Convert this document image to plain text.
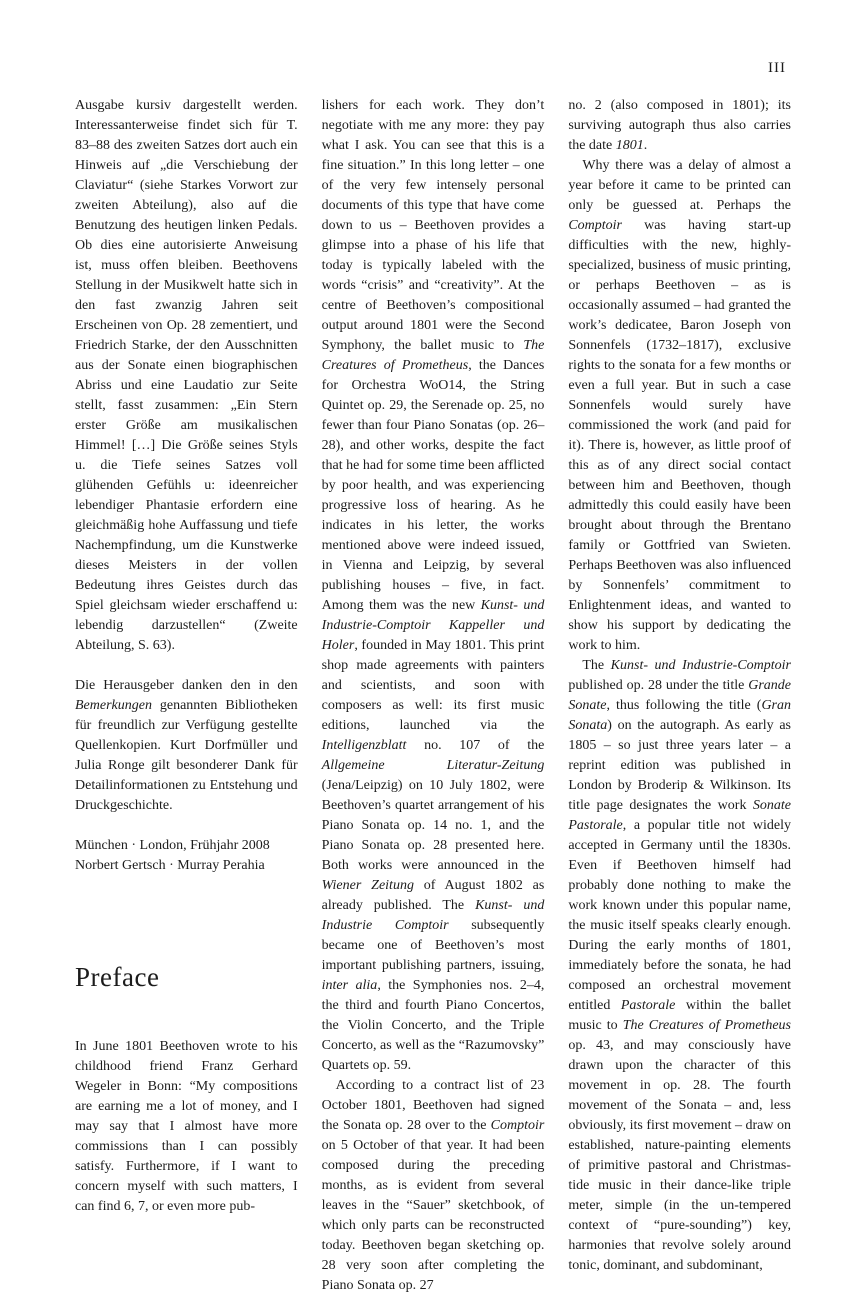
III

Ausgabe kursiv dargestellt werden. Interessanterweise findet sich für T. 83–88 des zweiten Satzes dort auch ein Hinweis auf „die Verschiebung der Claviatur“ (siehe Starkes Vorwort zur zweiten Abteilung), also auf die Benutzung des heutigen linken Pedals. Ob dies eine autorisierte Anweisung ist, muss offen bleiben. Beethovens Stellung in der Musikwelt hatte sich in den fast zwanzig Jahren seit Erscheinen von Op. 28 zementiert, und Friedrich Starke, der den Ausschnitten aus der Sonate einen biographischen Abriss und eine Laudatio zur Seite stellt, fasst zusammen: „Ein Stern erster Größe am musikalischen Himmel! […] Die Größe seines Styls u. die Tiefe seines Satzes voll glühenden Gefühls u: ideenreicher lebendiger Phantasie erfordern eine gleichmäßig hohe Auffassung und tiefe Nachempfindung, um die Kunstwerke dieses Meisters in der vollen Bedeutung ihres Geistes durch das Spiel gleichsam wieder erschaffend u: lebendig darzustellen“ (Zweite Abteilung, S. 63).

Die Herausgeber danken den in den Bemerkungen genannten Bibliotheken für freundlich zur Verfügung gestellte Quellenkopien. Kurt Dorfmüller und Julia Ronge gilt besonderer Dank für Detailinformationen zu Entstehung und Druckgeschichte.

München · London, Frühjahr 2008

Norbert Gertsch · Murray Perahia

Preface

In June 1801 Beethoven wrote to his childhood friend Franz Gerhard Wegeler in Bonn: “My compositions are earning me a lot of money, and I may say that I almost have more commissions than I can possibly satisfy. Furthermore, if I want to concern myself with such matters, I can find 6, 7, or even more pub-

lishers for each work. They don’t negotiate with me any more: they pay what I ask. You can see that this is a fine situation.” In this long letter – one of the very few intensely personal documents of this type that have come down to us – Beethoven provides a glimpse into a phase of his life that today is typically labeled with the words “crisis” and “creativity”. At the centre of Beethoven’s compositional output around 1801 were the Second Symphony, the ballet music to The Creatures of Prometheus, the Dances for Orchestra WoO14, the String Quintet op. 29, the Serenade op. 25, no fewer than four Piano Sonatas (op. 26–28), and other works, despite the fact that he had for some time been afflicted by poor health, and was experiencing progressive loss of hearing. As he indicates in his letter, the works mentioned above were indeed issued, in Vienna and Leipzig, by several publishing houses – five, in fact. Among them was the new Kunst- und Industrie-Comptoir Kappeller und Holer, founded in May 1801. This print shop made agreements with painters and scientists, and soon with composers as well: its first music editions, launched via the Intelligenzblatt no. 107 of the Allgemeine Literatur-Zeitung (Jena/Leipzig) on 10 July 1802, were Beethoven’s quartet arrangement of his Piano Sonata op. 14 no. 1, and the Piano Sonata op. 28 presented here. Both works were announced in the Wiener Zeitung of August 1802 as already published. The Kunst- und Industrie Comptoir subsequently became one of Beethoven’s most important publishing partners, issuing, inter alia, the Symphonies nos. 2–4, the third and fourth Piano Concertos, the Violin Concerto, and the Triple Concerto, as well as the “Razumovsky” Quartets op. 59.

According to a contract list of 23 October 1801, Beethoven had signed the Sonata op. 28 over to the Comptoir on 5 October of that year. It had been composed during the preceding months, as is evident from several leaves in the “Sauer” sketchbook, of which only parts can be reconstructed today. Beethoven began sketching op. 28 very soon after completing the Piano Sonata op. 27

no. 2 (also composed in 1801); its surviving autograph thus also carries the date 1801.

Why there was a delay of almost a year before it came to be printed can only be guessed at. Perhaps the Comptoir was having start-up difficulties with the new, highly-specialized, business of music printing, or perhaps Beethoven – as is occasionally assumed – had granted the work’s dedicatee, Baron Joseph von Sonnenfels (1732–1817), exclusive rights to the sonata for a few months or even a full year. But in such a case Sonnenfels would surely have commissioned the work (and paid for it). There is, however, as little proof of this as of any direct social contact between him and Beethoven, though admittedly this could easily have been brought about through the Brentano family or Gottfried van Swieten. Perhaps Beethoven was also influenced by Sonnenfels’ commitment to Enlightenment ideas, and wanted to show his support by dedicating the work to him.

The Kunst- und Industrie-Comptoir published op. 28 under the title Grande Sonate, thus following the title (Gran Sonata) on the autograph. As early as 1805 – so just three years later – a reprint edition was published in London by Broderip & Wilkinson. Its title page designates the work Sonate Pastorale, a popular title not widely accepted in Germany until the 1830s. Even if Beethoven himself had probably done nothing to make the work known under this popular name, the music itself speaks clearly enough. During the early months of 1801, immediately before the sonata, he had composed an orchestral movement entitled Pastorale within the ballet music to The Creatures of Prometheus op. 43, and may consciously have drawn upon the character of this movement in op. 28. The fourth movement of the Sonata – and, less obviously, its first movement – draw on established, nature-painting elements of primitive pastoral and Christmas-tide music in their dance-like triple meter, simple (in the un-tempered context of “pure-sounding”) key, harmonies that revolve solely around tonic, dominant, and subdominant,
